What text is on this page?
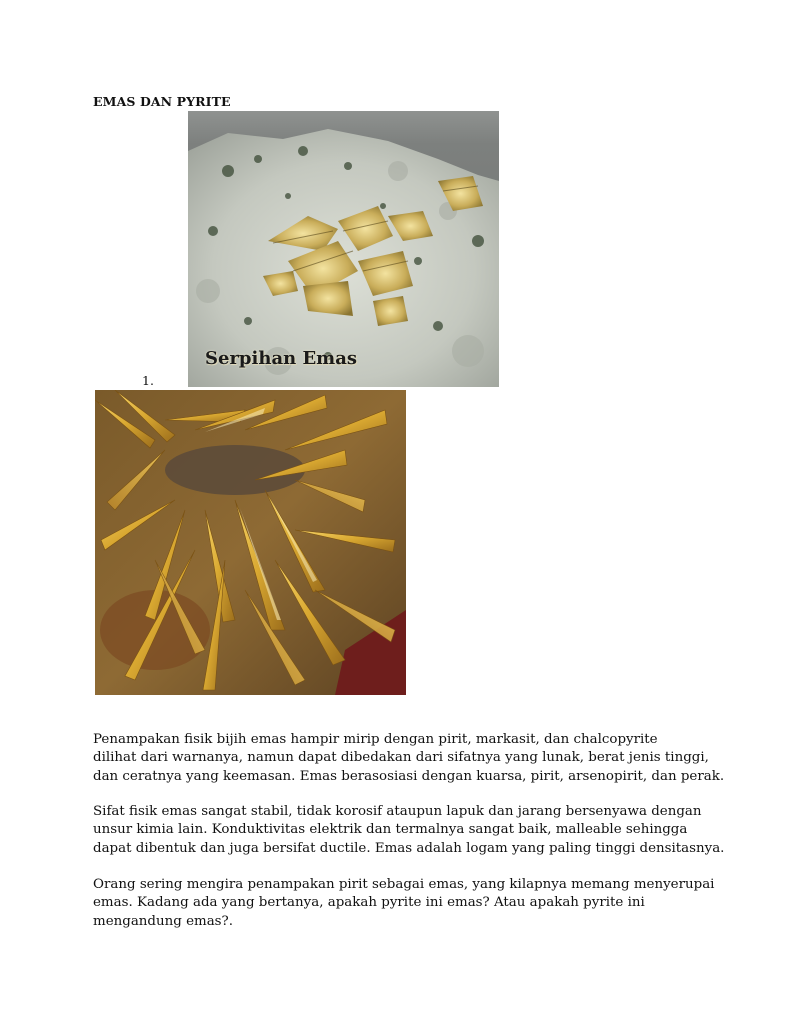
EMAS DAN PYRITE
Serpihan Emas
1.
Penampakan fisik bijih emas hampir mirip dengan pirit, markasit, dan chalcopyrite
dilihat dari warnanya, namun dapat dibedakan dari sifatnya yang lunak, berat jenis tinggi,
dan ceratnya yang keemasan. Emas berasosiasi dengan kuarsa, pirit, arsenopirit, dan perak.
Sifat fisik emas sangat stabil, tidak korosif ataupun lapuk dan jarang bersenyawa dengan
unsur kimia lain. Konduktivitas elektrik dan termalnya sangat baik, malleable sehingga
dapat dibentuk dan juga bersifat ductile. Emas adalah logam yang paling tinggi densitasnya.
Orang sering mengira penampakan pirit sebagai emas, yang kilapnya memang menyerupai
emas. Kadang ada yang bertanya, apakah pyrite ini emas? Atau apakah pyrite ini
mengandung emas?.
